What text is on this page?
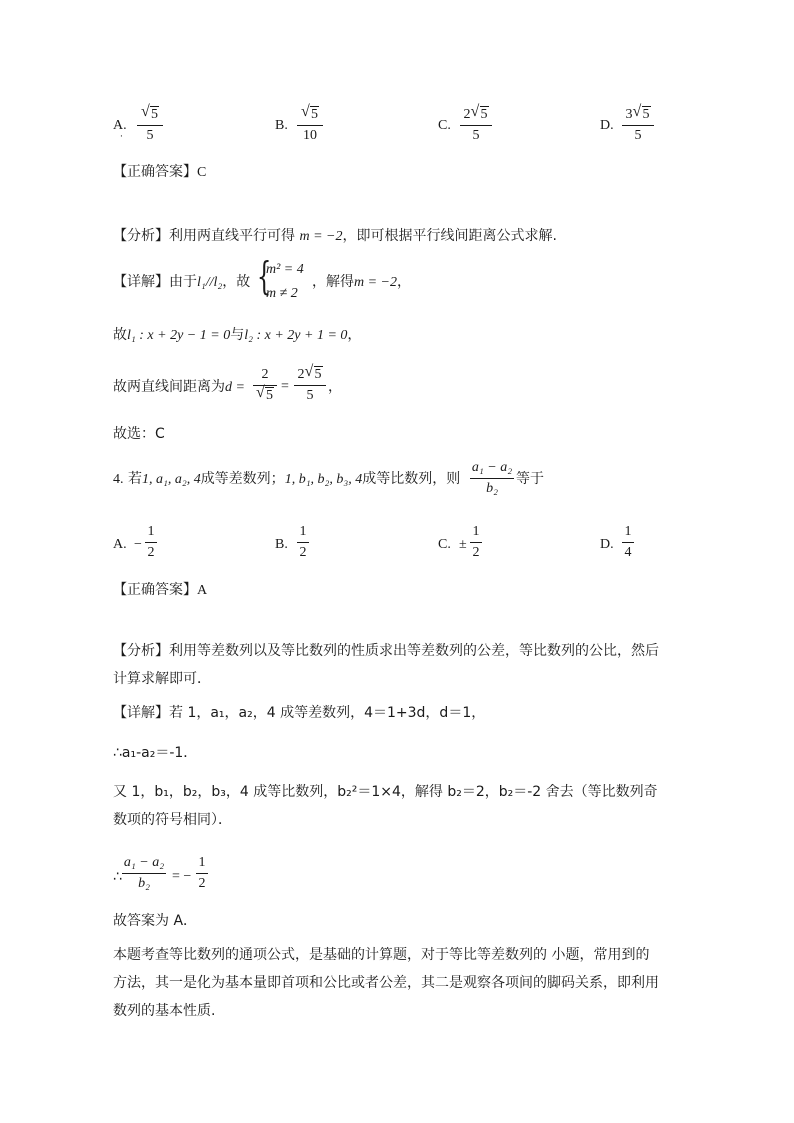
A.
·
√ 5
5
B.
√ 5
10
C.
2 √ 5
5
D.
3 √ 5
5
【正确答案】C
【分析】利用两直线平行可得 m = −2，即可根据平行线间距离公式求解.
【详解】由于l₁//l₂，故 {
m² = 4
m ≠ 2
，解得m = −2，
故l₁ : x + 2y − 1 = 0与l₂ : x + 2y + 1 = 0，
故两直线间距离为d =
2
√ 5
=
2 √ 5
5
，
故选：C
4. 若1, a₁, a₂, 4成等差数列；1, b₁, b₂, b₃, 4成等比数列，则
a₁ − a₂
b₂
等于
A. −
1
2
B.
1
2
C. ±
1
2
D.
1
4
【正确答案】A
【分析】利用等差数列以及等比数列的性质求出等差数列的公差，等比数列的公比，然后计算求解即可．
【详解】若 1，a₁，a₂，4 成等差数列，4＝1+3d，d＝1，
∴a₁-a₂＝-1．
又 1，b₁，b₂，b₃，4 成等比数列，b₂²＝1×4，解得 b₂＝2，b₂＝-2 舍去（等比数列奇数项的符号相同）．
∴
a₁ − a₂
b₂	= −
1
2
故答案为 A．
本题考查等比数列的通项公式，是基础的计算题，对于等比等差数列的 小题，常用到的方法，其一是化为基本量即首项和公比或者公差，其二是观察各项间的脚码关系，即利用数列的基本性质.
